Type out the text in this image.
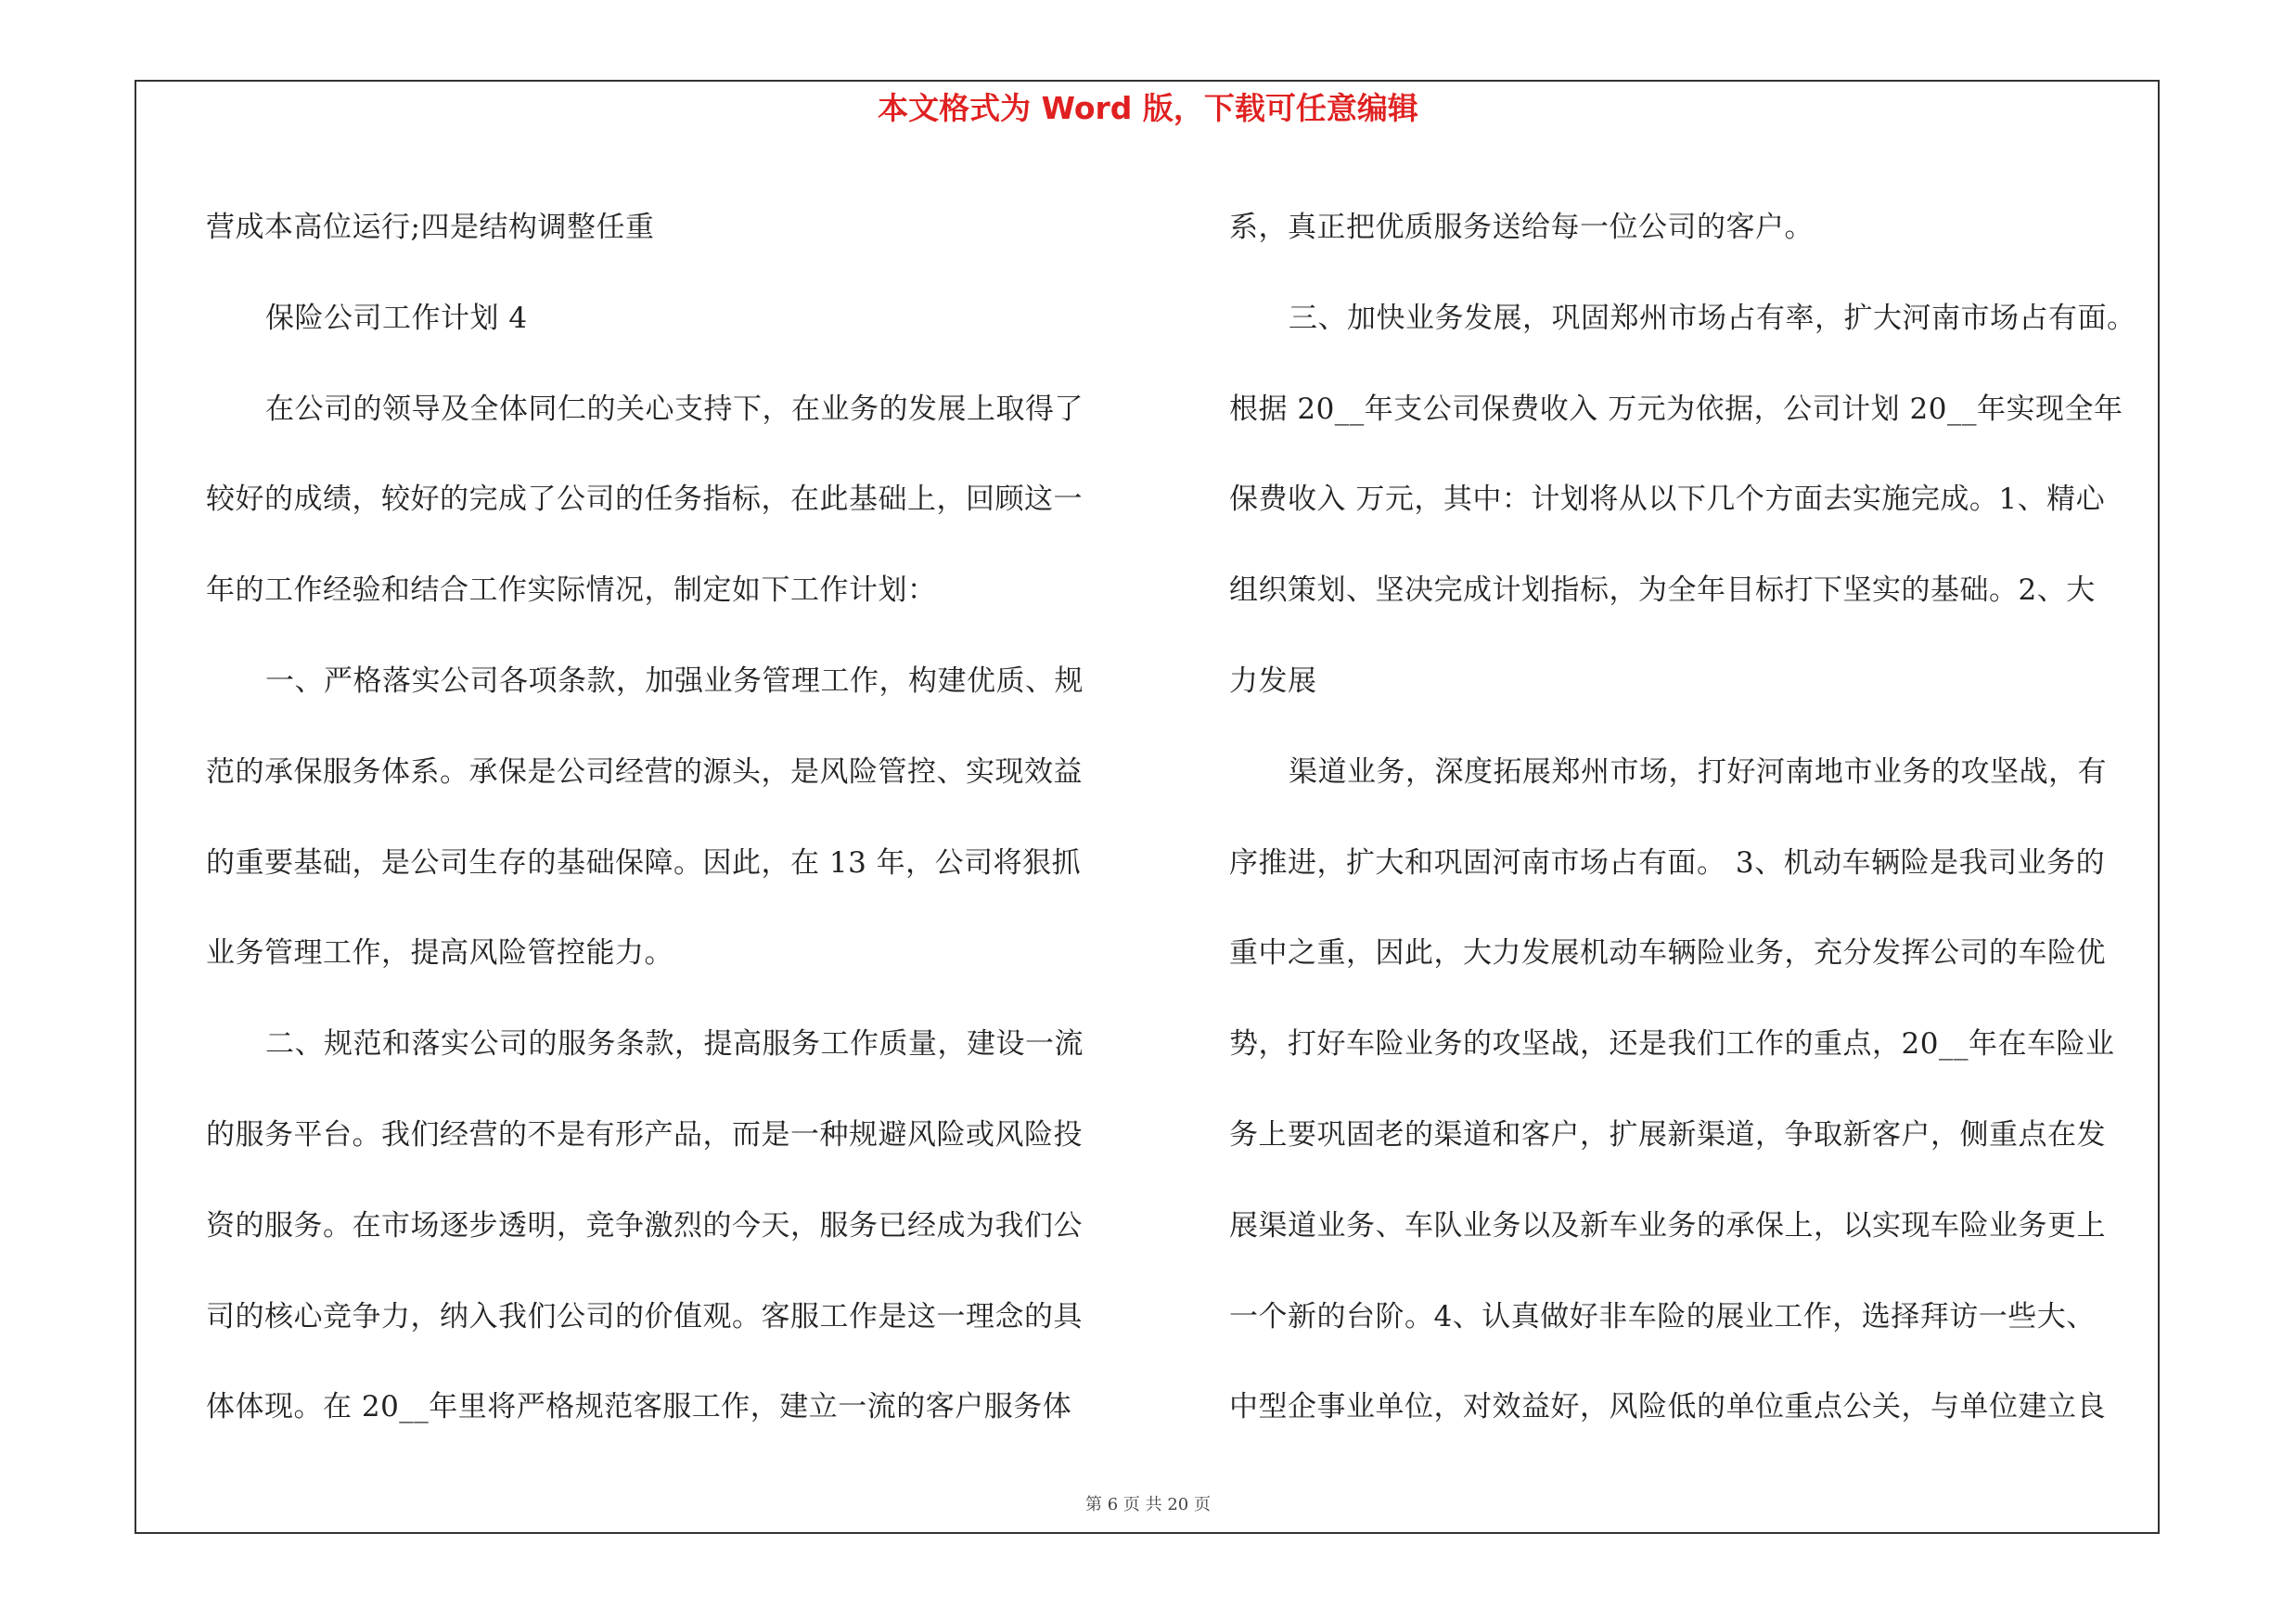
本文格式为 Word 版，下载可任意编辑
营成本高位运行;四是结构调整任重
保险公司工作计划 4
在公司的领导及全体同仁的关心支持下，在业务的发展上取得了
较好的成绩，较好的完成了公司的任务指标，在此基础上，回顾这一
年的工作经验和结合工作实际情况，制定如下工作计划：
一、严格落实公司各项条款，加强业务管理工作，构建优质、规
范的承保服务体系。承保是公司经营的源头，是风险管控、实现效益
的重要基础，是公司生存的基础保障。因此，在 13 年，公司将狠抓
业务管理工作，提高风险管控能力。
二、规范和落实公司的服务条款，提高服务工作质量，建设一流
的服务平台。我们经营的不是有形产品，而是一种规避风险或风险投
资的服务。在市场逐步透明，竞争激烈的今天，服务已经成为我们公
司的核心竞争力，纳入我们公司的价值观。客服工作是这一理念的具
体体现。在 20__年里将严格规范客服工作，建立一流的客户服务体
系，真正把优质服务送给每一位公司的客户。
三、加快业务发展，巩固郑州市场占有率，扩大河南市场占有面。
根据 20__年支公司保费收入 万元为依据，公司计划 20__年实现全年
保费收入 万元，其中：计划将从以下几个方面去实施完成。1、精心
组织策划、坚决完成计划指标，为全年目标打下坚实的基础。2、大
力发展
渠道业务，深度拓展郑州市场，打好河南地市业务的攻坚战，有
序推进，扩大和巩固河南市场占有面。 3、机动车辆险是我司业务的
重中之重，因此，大力发展机动车辆险业务，充分发挥公司的车险优
势，打好车险业务的攻坚战，还是我们工作的重点，20__年在车险业
务上要巩固老的渠道和客户，扩展新渠道，争取新客户，侧重点在发
展渠道业务、车队业务以及新车业务的承保上，以实现车险业务更上
一个新的台阶。4、认真做好非车险的展业工作，选择拜访一些大、
中型企事业单位，对效益好，风险低的单位重点公关，与单位建立良
第 6 页 共 20 页
